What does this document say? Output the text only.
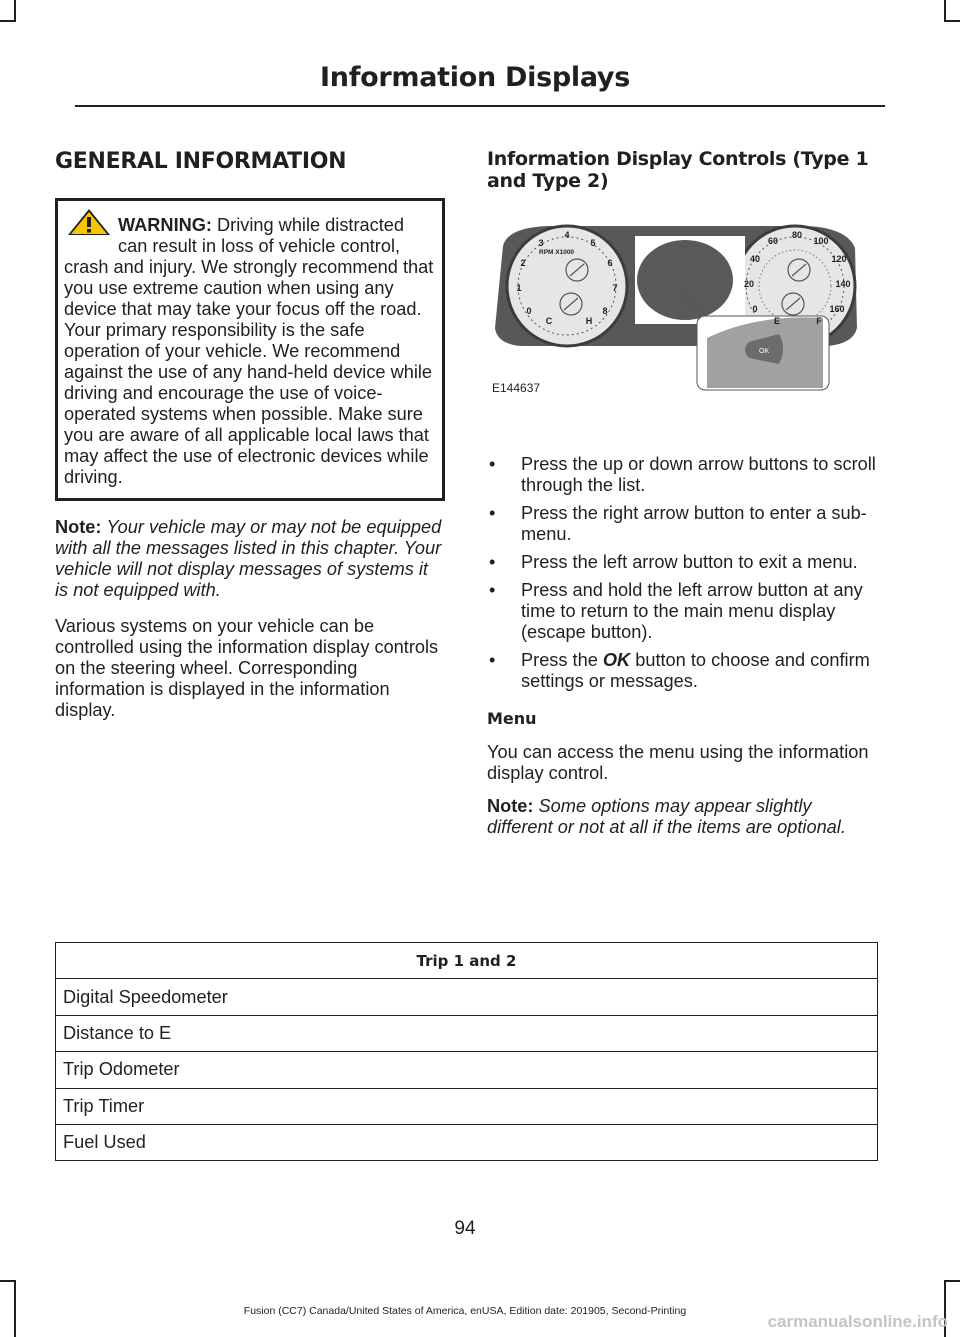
Information Displays
GENERAL INFORMATION
WARNING: Driving while distracted can result in loss of vehicle control, crash and injury. We strongly recommend that you use extreme caution when using any device that may take your focus off the road. Your primary responsibility is the safe operation of your vehicle. We recommend against the use of any hand-held device while driving and encourage the use of voice-operated systems when possible. Make sure you are aware of all applicable local laws that may affect the use of electronic devices while driving.

Note: Your vehicle may or may not be equipped with all the messages listed in this chapter. Your vehicle will not display messages of systems it is not equipped with.

Various systems on your vehicle can be controlled using the information display controls on the steering wheel. Corresponding information is displayed in the information display.

Information Display Controls (Type 1 and Type 2)
OK
RPM X1000
0
1
2
3
4
5
6
7
8
C	H
0
20
40
60
80
100
120
140
160
E	F
E144637
• Press the up or down arrow buttons to scroll through the list.
• Press the right arrow button to enter a sub-menu.
• Press the left arrow button to exit a menu.
• Press and hold the left arrow button at any time to return to the main menu display (escape button).
• Press the OK button to choose and confirm settings or messages.
Menu

You can access the menu using the information display control.

Note: Some options may appear slightly different or not at all if the items are optional.

Trip 1 and 2
Digital Speedometer
Distance to E
Trip Odometer
Trip Timer
Fuel Used
94
Fusion (CC7) Canada/United States of America, enUSA, Edition date: 201905, Second-Printing
carmanualsonline.info
